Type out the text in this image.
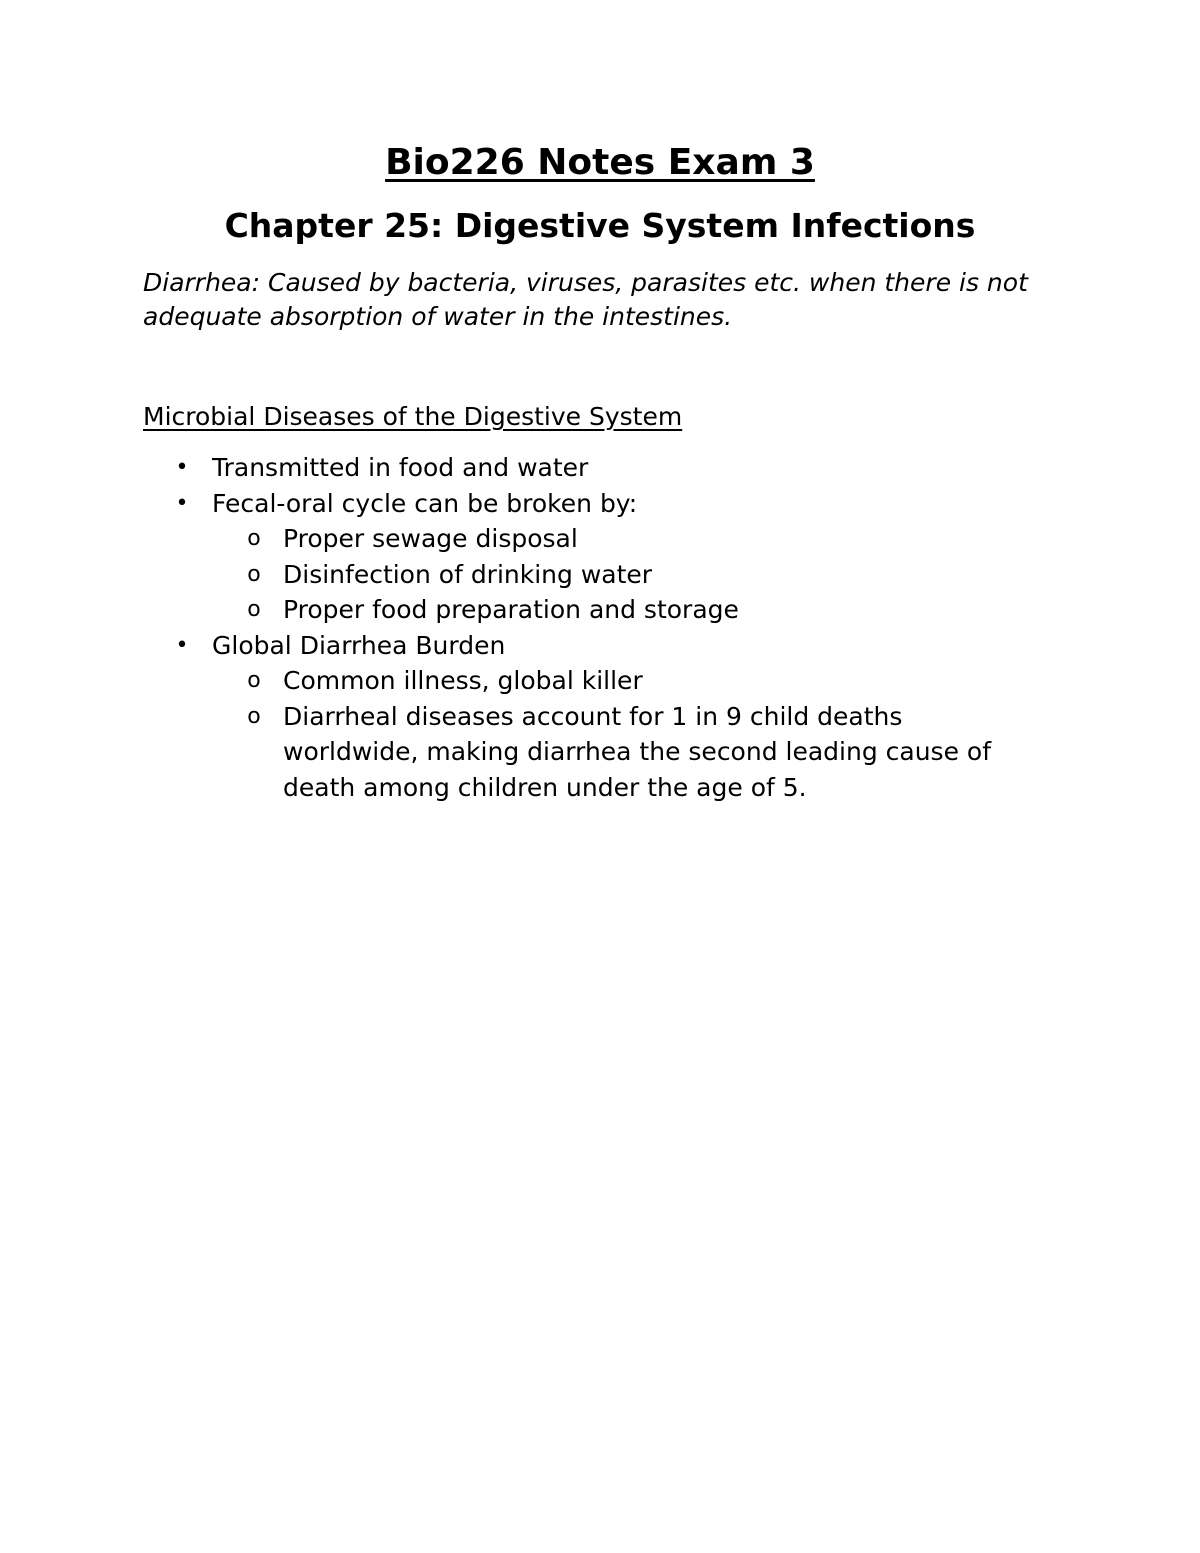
Bio226 Notes Exam 3
Chapter 25: Digestive System Infections

Diarrhea: Caused by bacteria, viruses, parasites etc. when there is not adequate absorption of water in the intestines.

Microbial Diseases of the Digestive System

• Transmitted in food and water
• Fecal-oral cycle can be broken by:
o Proper sewage disposal
o Disinfection of drinking water
o Proper food preparation and storage
• Global Diarrhea Burden
o Common illness, global killer
o Diarrheal diseases account for 1 in 9 child deaths worldwide, making diarrhea the second leading cause of death among children under the age of 5.
